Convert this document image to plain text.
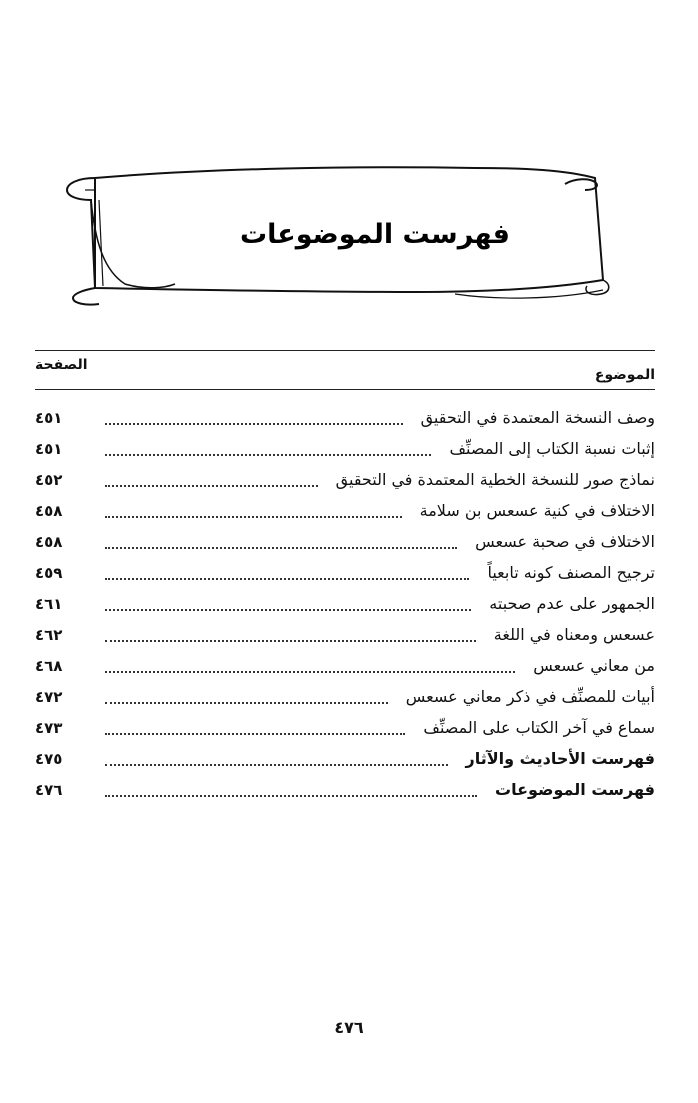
فهرست الموضوعات
الصفحة
الموضوع
وصف النسخة المعتمدة في التحقيق
٤٥١
إثبات نسبة الكتاب إلى المصنِّف
٤٥١
نماذج صور للنسخة الخطية المعتمدة في التحقيق
٤٥٢
الاختلاف في كنية عسعس بن سلامة
٤٥٨
الاختلاف في صحبة عسعس
٤٥٨
ترجيح المصنف كونه تابعياً
٤٥٩
الجمهور على عدم صحبته
٤٦١
عسعس ومعناه في اللغة
٤٦٢
من معاني عسعس
٤٦٨
أبيات للمصنِّف في ذكر معاني عسعس
٤٧٢
سماع في آخر الكتاب على المصنِّف
٤٧٣
فهرست الأحاديث والآثار
٤٧٥
فهرست الموضوعات
٤٧٦
٤٧٦
